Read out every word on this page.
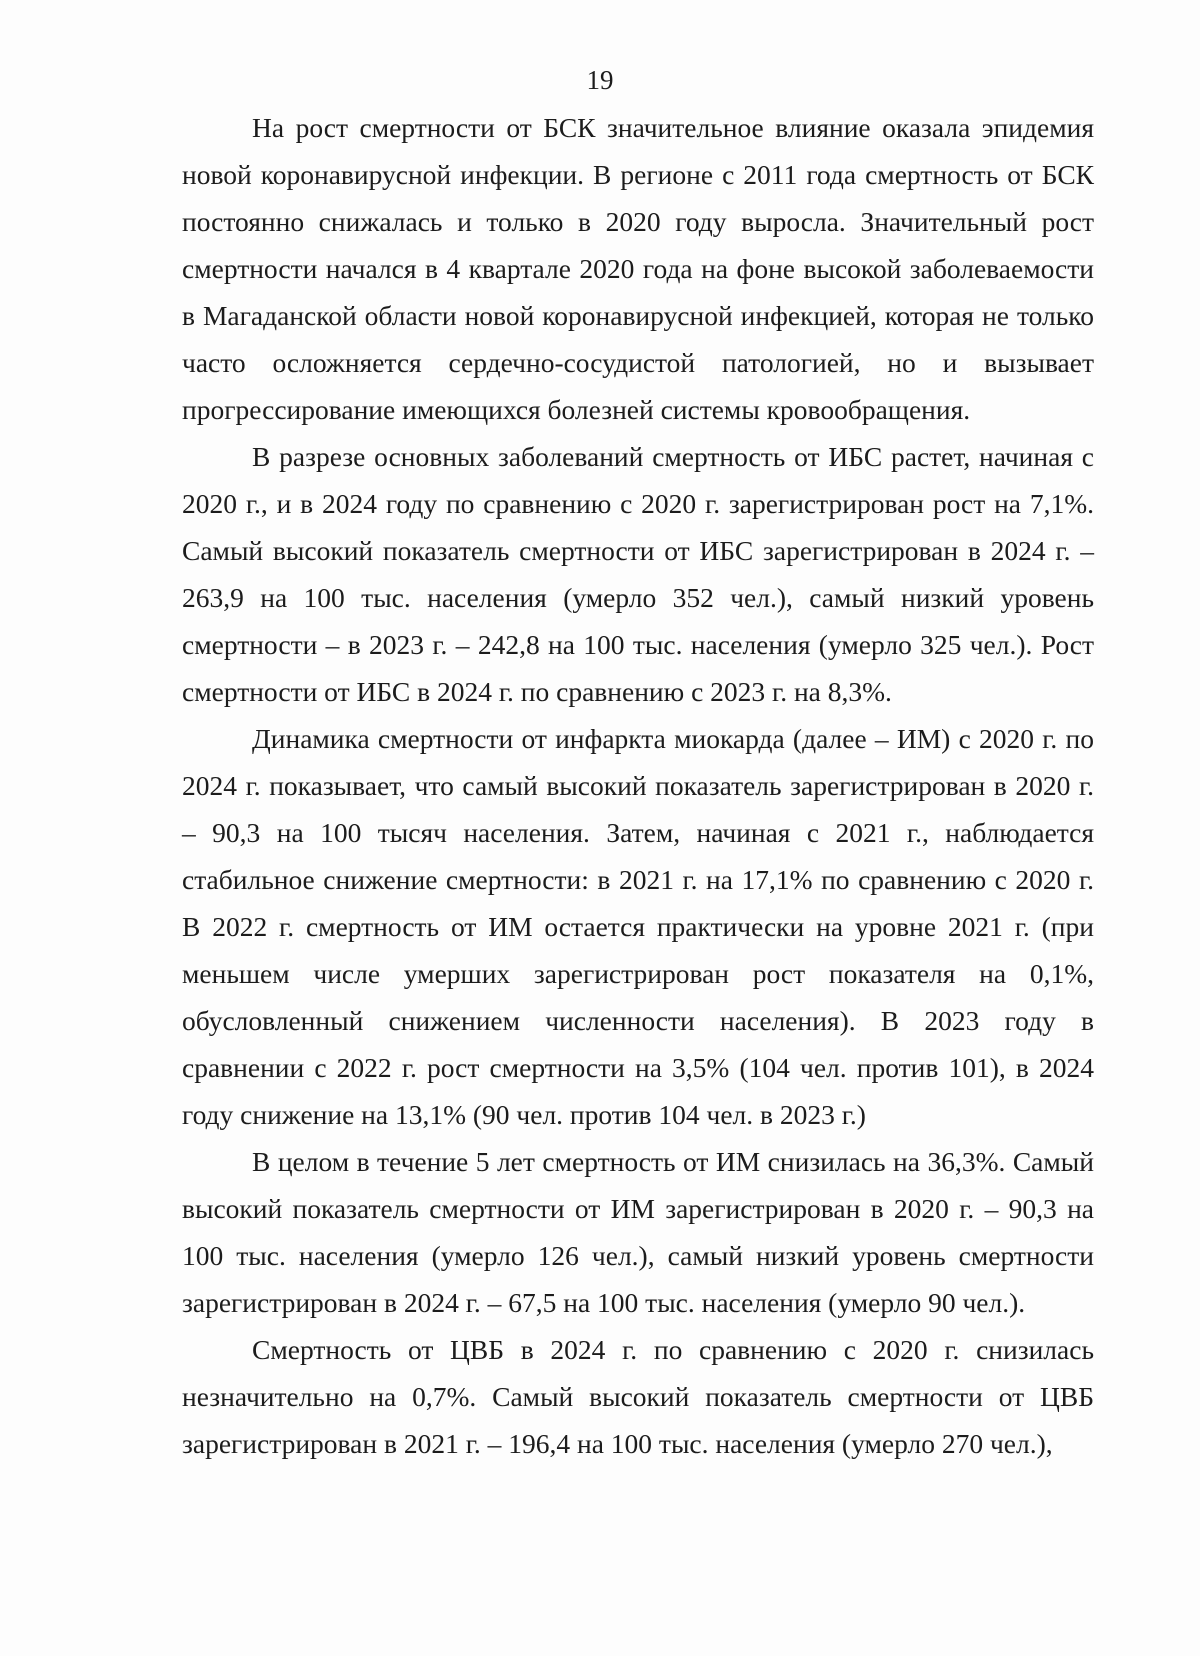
19

На рост смертности от БСК значительное влияние оказала эпидемия новой коронавирусной инфекции. В регионе с 2011 года смертность от БСК постоянно снижалась и только в 2020 году выросла. Значительный рост смертности начался в 4 квартале 2020 года на фоне высокой заболеваемости в Магаданской области новой коронавирусной инфекцией, которая не только часто осложняется сердечно-сосудистой патологией, но и вызывает прогрессирование имеющихся болезней системы кровообращения.

В разрезе основных заболеваний смертность от ИБС растет, начиная с 2020 г., и в 2024 году по сравнению с 2020 г. зарегистрирован рост на 7,1%. Самый высокий показатель смертности от ИБС зарегистрирован в 2024 г. – 263,9 на 100 тыс. населения (умерло 352 чел.), самый низкий уровень смертности – в 2023 г. – 242,8 на 100 тыс. населения (умерло 325 чел.). Рост смертности от ИБС в 2024 г. по сравнению с 2023 г. на 8,3%.

Динамика смертности от инфаркта миокарда (далее – ИМ) с 2020 г. по 2024 г. показывает, что самый высокий показатель зарегистрирован в 2020 г. – 90,3 на 100 тысяч населения. Затем, начиная с 2021 г., наблюдается стабильное снижение смертности: в 2021 г. на 17,1% по сравнению с 2020 г. В 2022 г. смертность от ИМ остается практически на уровне 2021 г. (при меньшем числе умерших зарегистрирован рост показателя на 0,1%, обусловленный снижением численности населения). В 2023 году в сравнении с 2022 г. рост смертности на 3,5% (104 чел. против 101), в 2024 году снижение на 13,1% (90 чел. против 104 чел. в 2023 г.)

В целом в течение 5 лет смертность от ИМ снизилась на 36,3%. Самый высокий показатель смертности от ИМ зарегистрирован в 2020 г. – 90,3 на 100 тыс. населения (умерло 126 чел.), самый низкий уровень смертности зарегистрирован в 2024 г. – 67,5 на 100 тыс. населения (умерло 90 чел.).

Смертность от ЦВБ в 2024 г. по сравнению с 2020 г. снизилась незначительно на 0,7%. Самый высокий показатель смертности от ЦВБ зарегистрирован в 2021 г. – 196,4 на 100 тыс. населения (умерло 270 чел.),
